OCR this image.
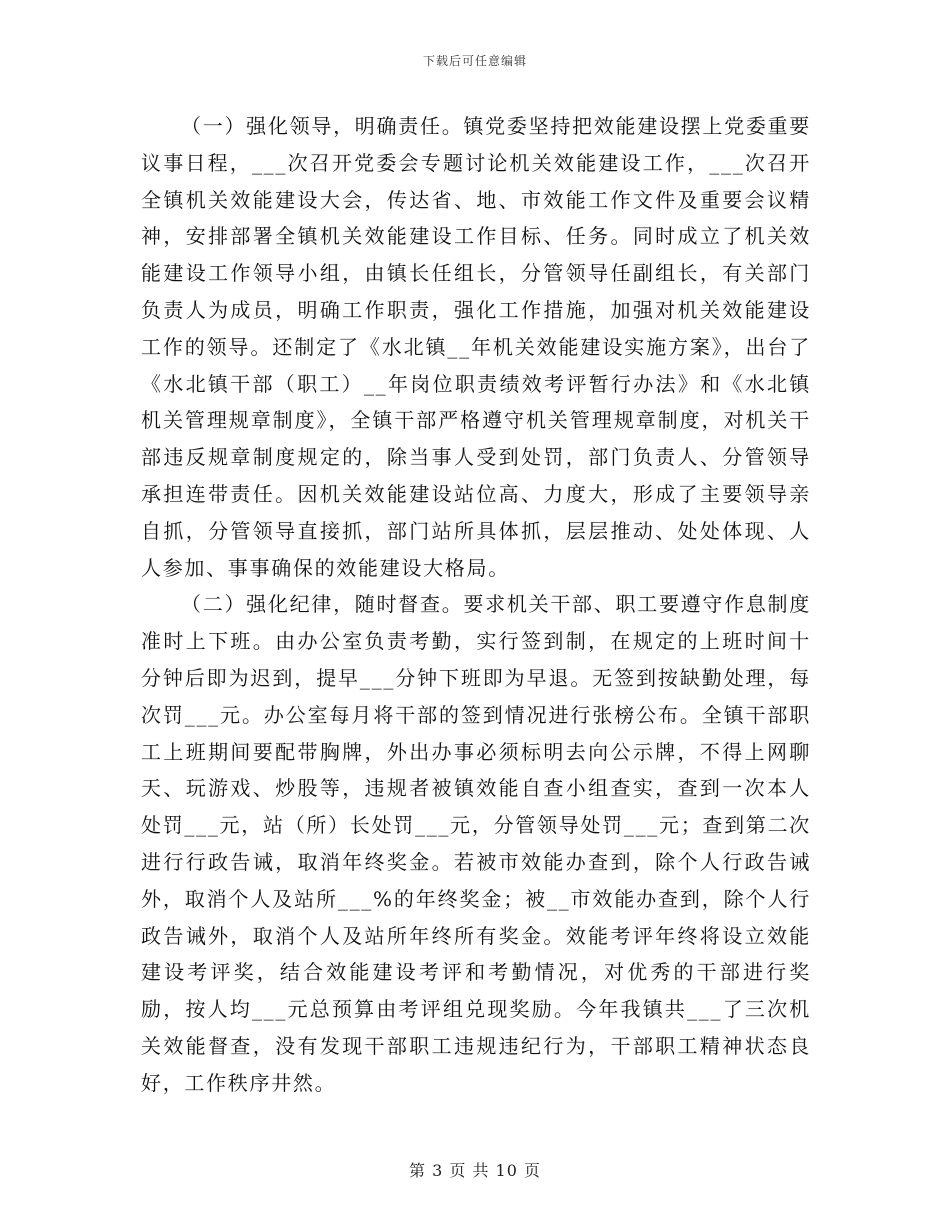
下载后可任意编辑

（一）强化领导，明确责任。镇党委坚持把效能建设摆上党委重要议事日程，___次召开党委会专题讨论机关效能建设工作，___次召开全镇机关效能建设大会，传达省、地、市效能工作文件及重要会议精神，安排部署全镇机关效能建设工作目标、任务。同时成立了机关效能建设工作领导小组，由镇长任组长，分管领导任副组长，有关部门负责人为成员，明确工作职责，强化工作措施，加强对机关效能建设工作的领导。还制定了《水北镇__年机关效能建设实施方案》，出台了《水北镇干部（职工）__年岗位职责绩效考评暂行办法》和《水北镇机关管理规章制度》，全镇干部严格遵守机关管理规章制度，对机关干部违反规章制度规定的，除当事人受到处罚，部门负责人、分管领导承担连带责任。因机关效能建设站位高、力度大，形成了主要领导亲自抓，分管领导直接抓，部门站所具体抓，层层推动、处处体现、人人参加、事事确保的效能建设大格局。

（二）强化纪律，随时督查。要求机关干部、职工要遵守作息制度准时上下班。由办公室负责考勤，实行签到制，在规定的上班时间十分钟后即为迟到，提早___分钟下班即为早退。无签到按缺勤处理，每次罚___元。办公室每月将干部的签到情况进行张榜公布。全镇干部职工上班期间要配带胸牌，外出办事必须标明去向公示牌，不得上网聊天、玩游戏、炒股等，违规者被镇效能自查小组查实，查到一次本人处罚___元，站（所）长处罚___元，分管领导处罚___元；查到第二次进行行政告诫，取消年终奖金。若被市效能办查到，除个人行政告诫外，取消个人及站所___%的年终奖金；被__市效能办查到，除个人行政告诫外，取消个人及站所年终所有奖金。效能考评年终将设立效能建设考评奖，结合效能建设考评和考勤情况，对优秀的干部进行奖励，按人均___元总预算由考评组兑现奖励。今年我镇共___了三次机关效能督查，没有发现干部职工违规违纪行为，干部职工精神状态良好，工作秩序井然。

第 3 页 共 10 页
